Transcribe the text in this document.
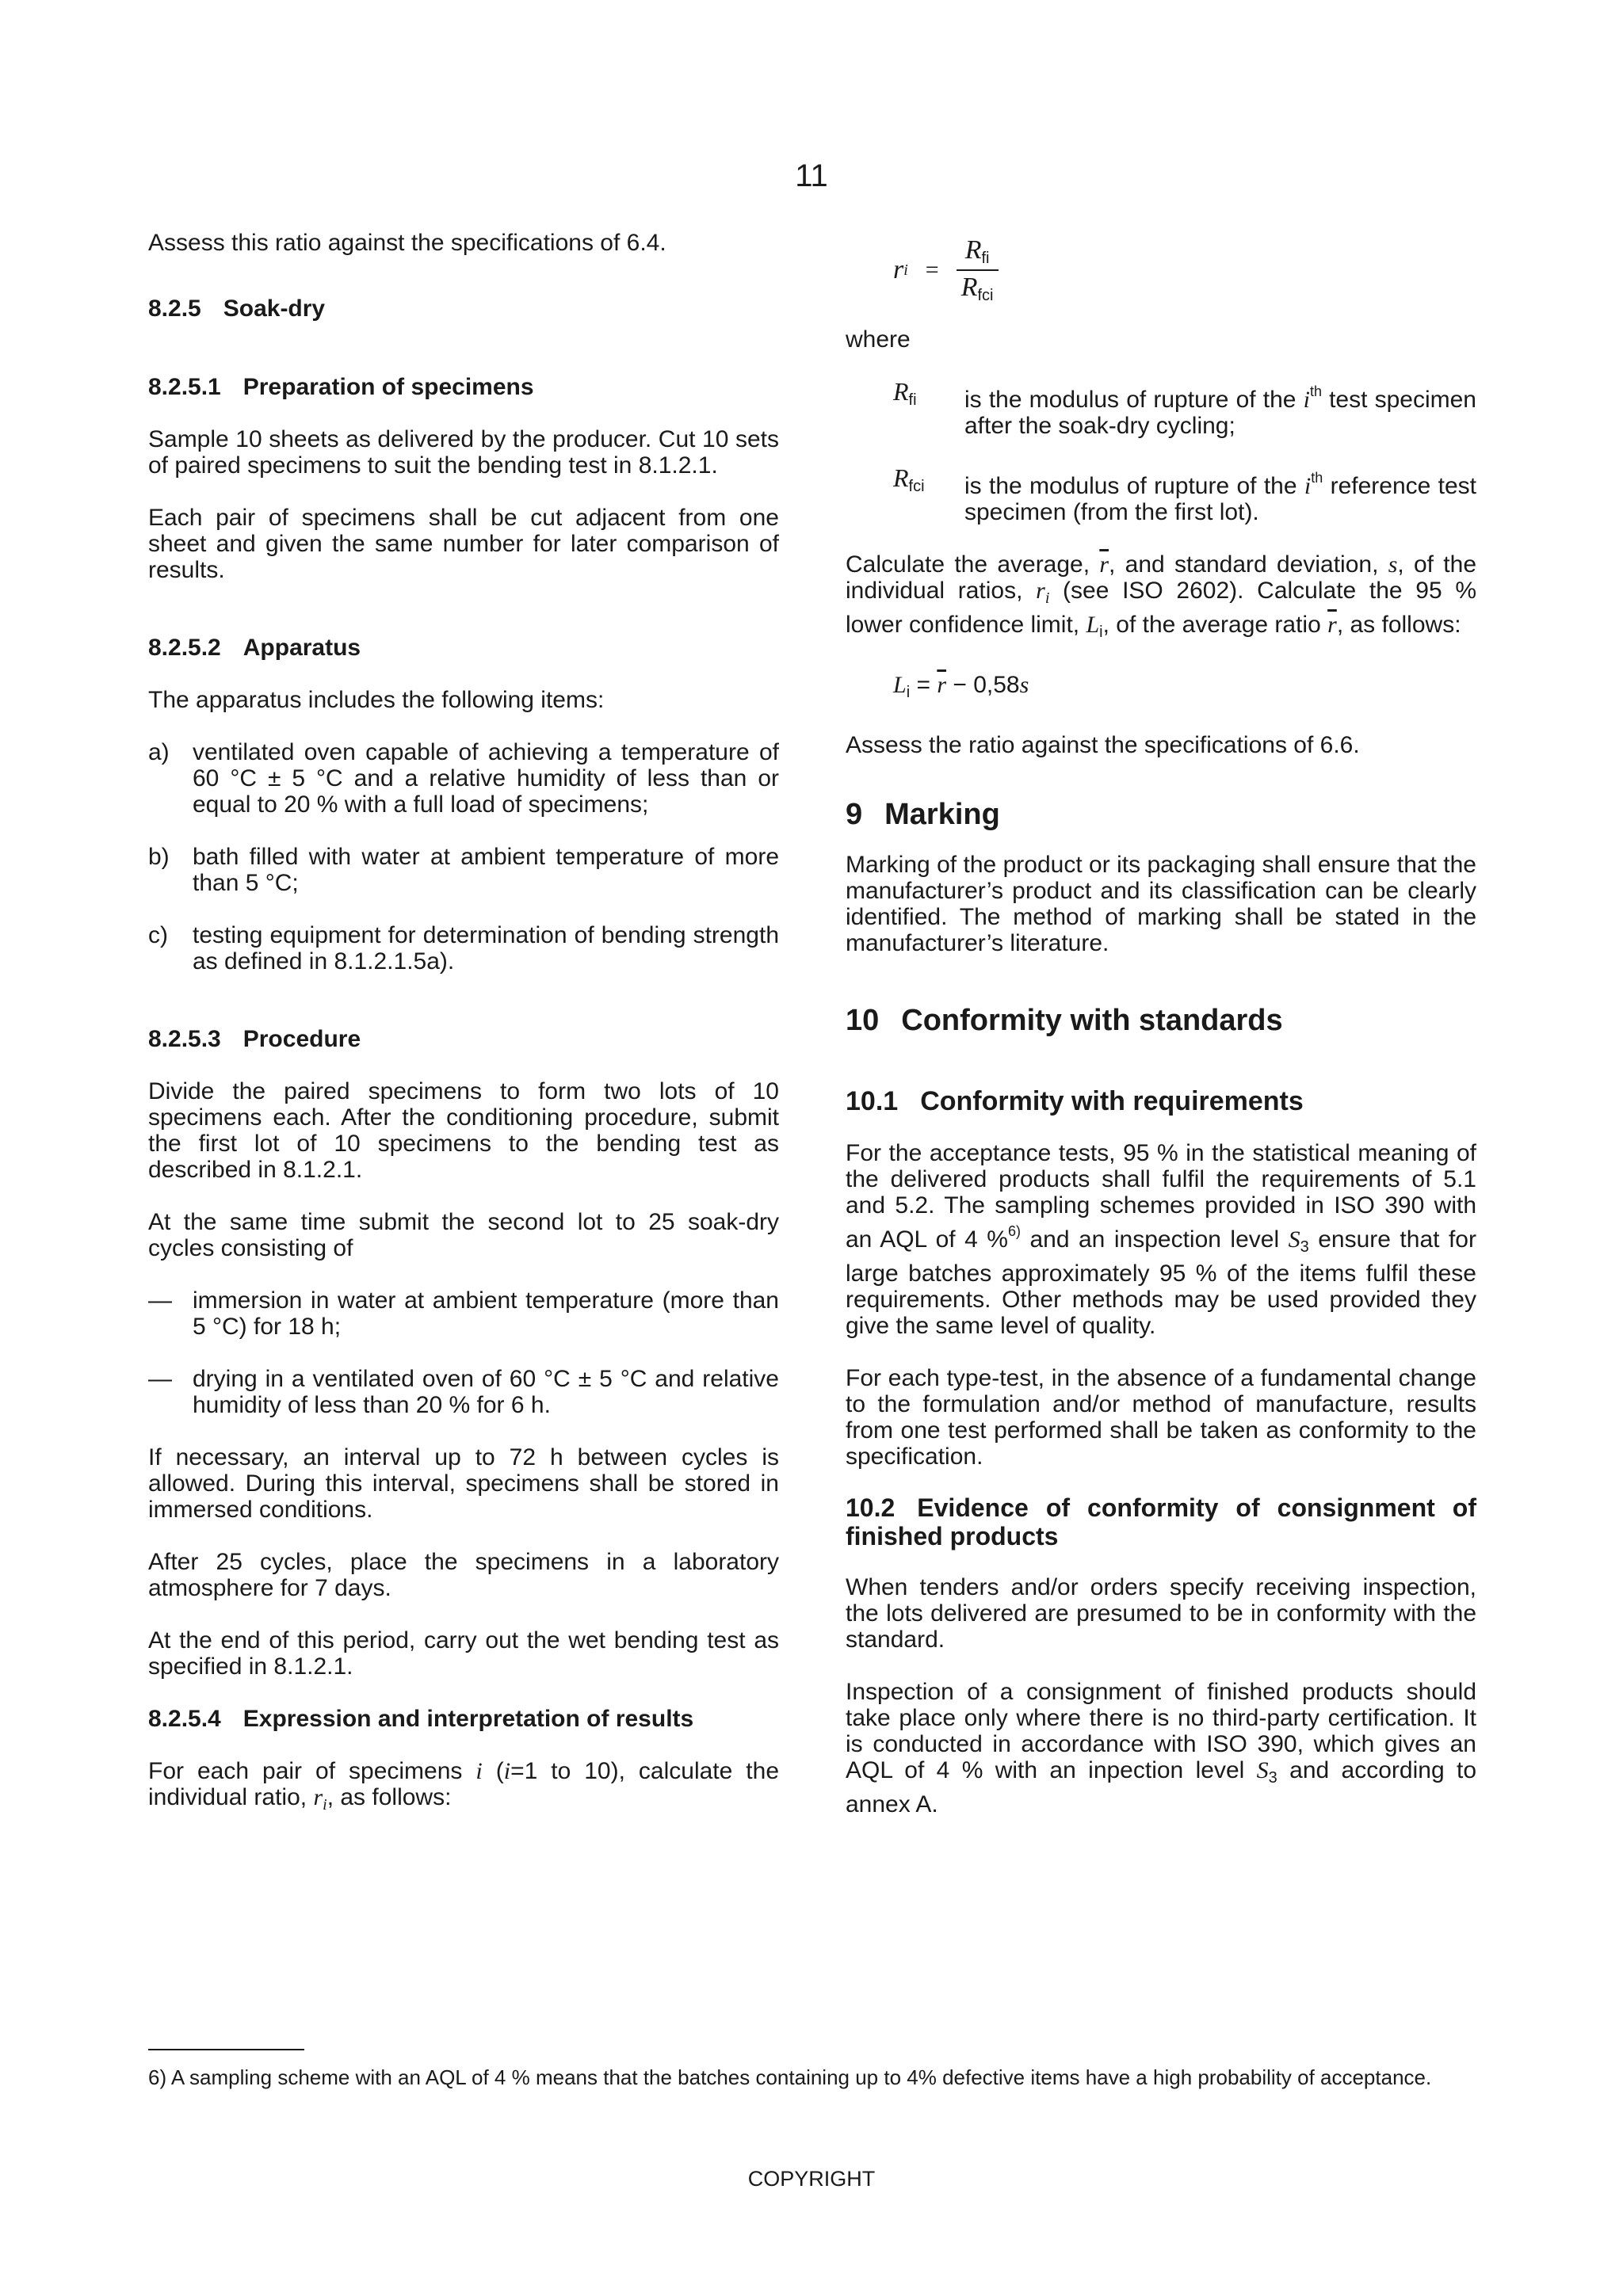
11

Assess this ratio against the specifications of 6.4.

8.2.5 Soak-dry
8.2.5.1 Preparation of specimens

Sample 10 sheets as delivered by the producer. Cut 10 sets of paired specimens to suit the bending test in 8.1.2.1.

Each pair of specimens shall be cut adjacent from one sheet and given the same number for later comparison of results.

8.2.5.2 Apparatus

The apparatus includes the following items:

a) ventilated oven capable of achieving a temperature of 60 °C ± 5 °C and a relative humidity of less than or equal to 20 % with a full load of specimens;
b) bath filled with water at ambient temperature of more than 5 °C;
c)	testing equipment for determination of bending strength as defined in 8.1.2.1.5a).
8.2.5.3 Procedure

Divide the paired specimens to form two lots of 10 specimens each. After the conditioning procedure, submit the first lot of 10 specimens to the bending test as described in 8.1.2.1.

At the same time submit the second lot to 25 soak-dry cycles consisting of

— immersion in water at ambient temperature (more than 5 °C) for 18 h;
— drying in a ventilated oven of 60 °C ± 5 °C and relative humidity of less than 20 % for 6 h.

If necessary, an interval up to 72 h between cycles is allowed. During this interval, specimens shall be stored in immersed conditions.

After 25 cycles, place the specimens in a laboratory atmosphere for 7 days.

At the end of this period, carry out the wet bending test as specified in 8.1.2.1.

8.2.5.4 Expression and interpretation of results

For each pair of specimens i (i=1 to 10), calculate the individual ratio, $r_i$, as follows:

r $i = \frac{R_{fi}}{R_{fci}}$

where

$R_{fi}$	is the modulus of rupture of the $i^{th}$ test specimen after the soak-dry cycling;
$R_{fci}$	is the modulus of rupture of the $i^{th}$ reference test specimen (from the first lot).

Calculate the average, $\overline{r}$, and standard deviation, s, of the individual ratios, $r_i$ (see ISO 2602). Calculate the 95 % lower confidence limit, $L_i$, of the average ratio $\overline{r}$, as follows:

$L_i = \overline{r} - 0,58s$

Assess the ratio against the specifications of 6.6.

9 Marking

Marking of the product or its packaging shall ensure that the manufacturer’s product and its classification can be clearly identified. The method of marking shall be stated in the manufacturer’s literature.

10 Conformity with standards
10.1 Conformity with requirements

For the acceptance tests, 95 % in the statistical meaning of the delivered products shall fulfil the requirements of 5.1 and 5.2. The sampling schemes provided in ISO 390 with an AQL of 4 %$^{6)}$ and an inspection level $S_3$ ensure that for large batches approximately 95 % of the items fulfil these requirements. Other methods may be used provided they give the same level of quality.

For each type-test, in the absence of a fundamental change to the formulation and/or method of manufacture, results from one test performed shall be taken as conformity to the specification.

10.2 Evidence of conformity of consignment of finished products

When tenders and/or orders specify receiving inspection, the lots delivered are presumed to be in conformity with the standard.

Inspection of a consignment of finished products should take place only where there is no third-party certification. It is conducted in accordance with ISO 390, which gives an AQL of 4 % with an inpection level $S_3$ and according to annex A.

6) A sampling scheme with an AQL of 4 % means that the batches containing up to 4% defective items have a high probability of acceptance.
COPYRIGHT
